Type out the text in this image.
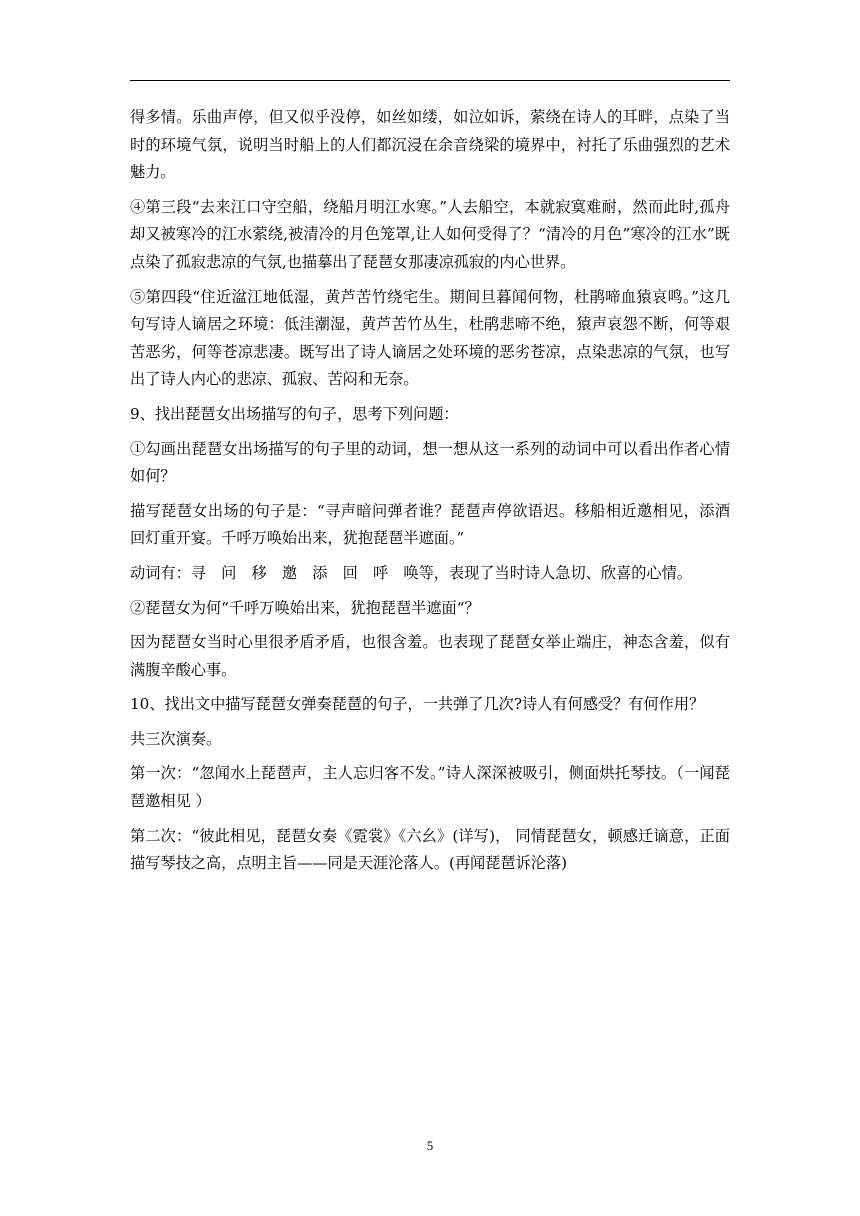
得多情。乐曲声停，但又似乎没停，如丝如缕，如泣如诉，萦绕在诗人的耳畔，点染了当时的环境气氛，说明当时船上的人们都沉浸在余音绕梁的境界中，衬托了乐曲强烈的艺术魅力。

④第三段“去来江口守空船，绕船月明江水寒。”人去船空，本就寂寞难耐，然而此时,孤舟却又被寒冷的江水萦绕,被清冷的月色笼罩,让人如何受得了？“清冷的月色”寒冷的江水”既点染了孤寂悲凉的气氛,也描摹出了琵琶女那凄凉孤寂的内心世界。

⑤第四段“住近湓江地低湿，黄芦苦竹绕宅生。期间旦暮闻何物，杜鹃啼血猿哀鸣。”这几句写诗人谪居之环境：低洼潮湿，黄芦苦竹丛生，杜鹃悲啼不绝，猿声哀怨不断，何等艰苦恶劣，何等苍凉悲凄。既写出了诗人谪居之处环境的恶劣苍凉，点染悲凉的气氛，也写出了诗人内心的悲凉、孤寂、苦闷和无奈。

9、找出琵琶女出场描写的句子，思考下列问题：

①勾画出琵琶女出场描写的句子里的动词，想一想从这一系列的动词中可以看出作者心情如何？

描写琵琶女出场的句子是：“寻声暗问弹者谁？琵琶声停欲语迟。移船相近邀相见，添酒回灯重开宴。千呼万唤始出来，犹抱琵琶半遮面。”

动词有：寻　问　移　邀　添　回　呼　唤等，表现了当时诗人急切、欣喜的心情。

②琵琶女为何“千呼万唤始出来，犹抱琵琶半遮面“？

因为琵琶女当时心里很矛盾矛盾，也很含羞。也表现了琵琶女举止端庄，神态含羞，似有满腹辛酸心事。

10、找出文中描写琵琶女弹奏琵琶的句子，一共弹了几次?诗人有何感受？有何作用？

共三次演奏。

第一次：“忽闻水上琵琶声，主人忘归客不发。”诗人深深被吸引，侧面烘托琴技。（一闻琵琶邀相见 ）

第二次：“彼此相见，琵琶女奏《霓裳》《六幺》(详写)， 同情琵琶女，顿感迁谪意，正面描写琴技之高，点明主旨——同是天涯沦落人。(再闻琵琶诉沦落)

5
